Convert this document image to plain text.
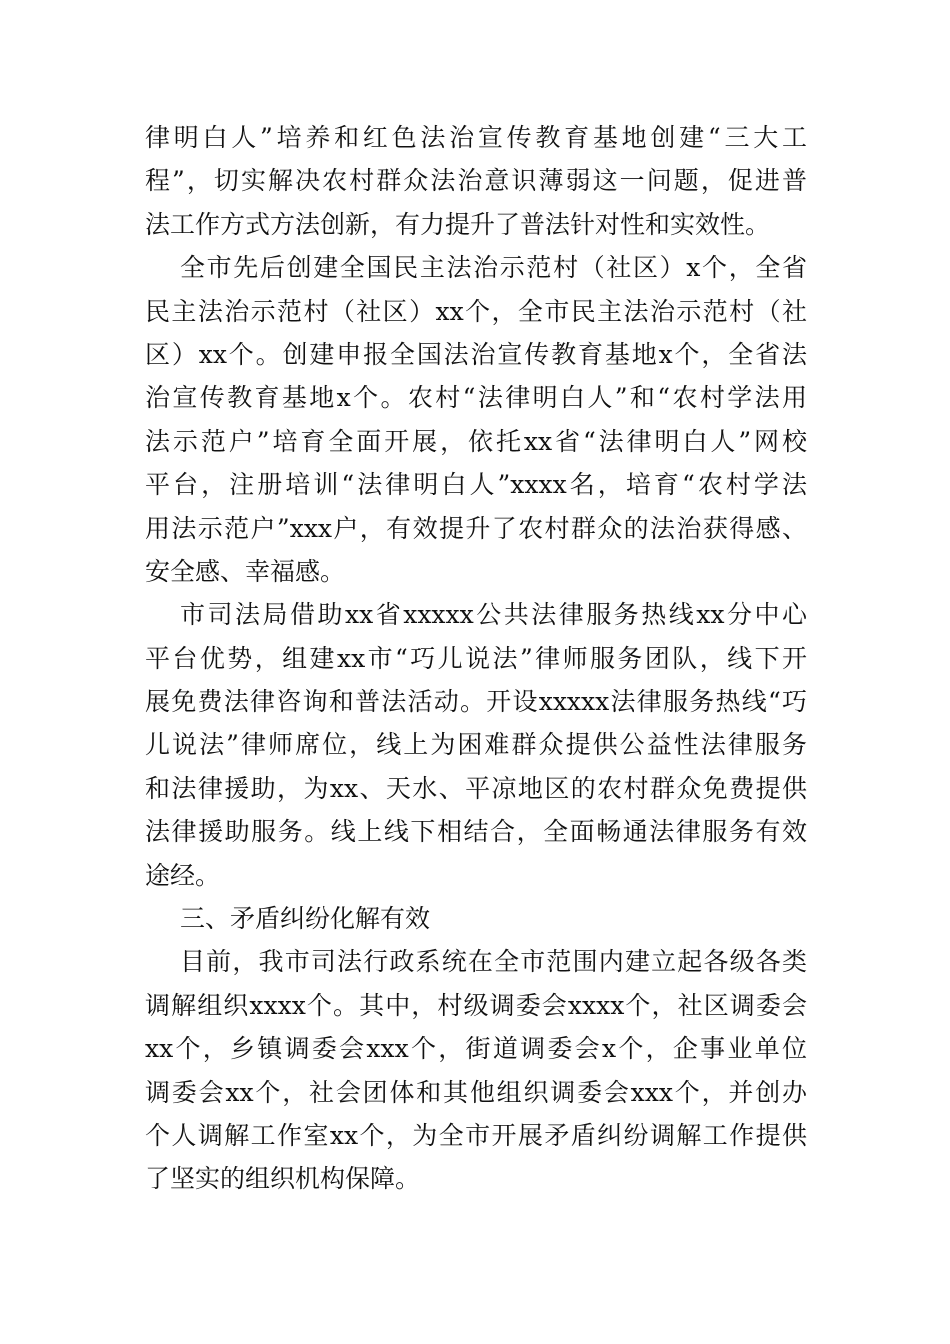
律明白人”培养和红色法治宣传教育基地创建“三大工
程”，切实解决农村群众法治意识薄弱这一问题，促进普
法工作方式方法创新，有力提升了普法针对性和实效性。
全市先后创建全国民主法治示范村（社区）x个，全省
民主法治示范村（社区）xx个，全市民主法治示范村（社
区）xx个。创建申报全国法治宣传教育基地x个，全省法
治宣传教育基地x个。农村“法律明白人”和“农村学法用
法示范户”培育全面开展，依托xx省“法律明白人”网校
平台，注册培训“法律明白人”xxxx名，培育“农村学法
用法示范户”xxx户，有效提升了农村群众的法治获得感、
安全感、幸福感。
市司法局借助xx省xxxxx公共法律服务热线xx分中心
平台优势，组建xx市“巧儿说法”律师服务团队，线下开
展免费法律咨询和普法活动。开设xxxxx法律服务热线“巧
儿说法”律师席位，线上为困难群众提供公益性法律服务
和法律援助，为xx、天水、平凉地区的农村群众免费提供
法律援助服务。线上线下相结合，全面畅通法律服务有效
途经。
三、矛盾纠纷化解有效
目前，我市司法行政系统在全市范围内建立起各级各类
调解组织xxxx个。其中，村级调委会xxxx个，社区调委会
xx个，乡镇调委会xxx个，街道调委会x个，企事业单位
调委会xx个，社会团体和其他组织调委会xxx个，并创办
个人调解工作室xx个，为全市开展矛盾纠纷调解工作提供
了坚实的组织机构保障。
